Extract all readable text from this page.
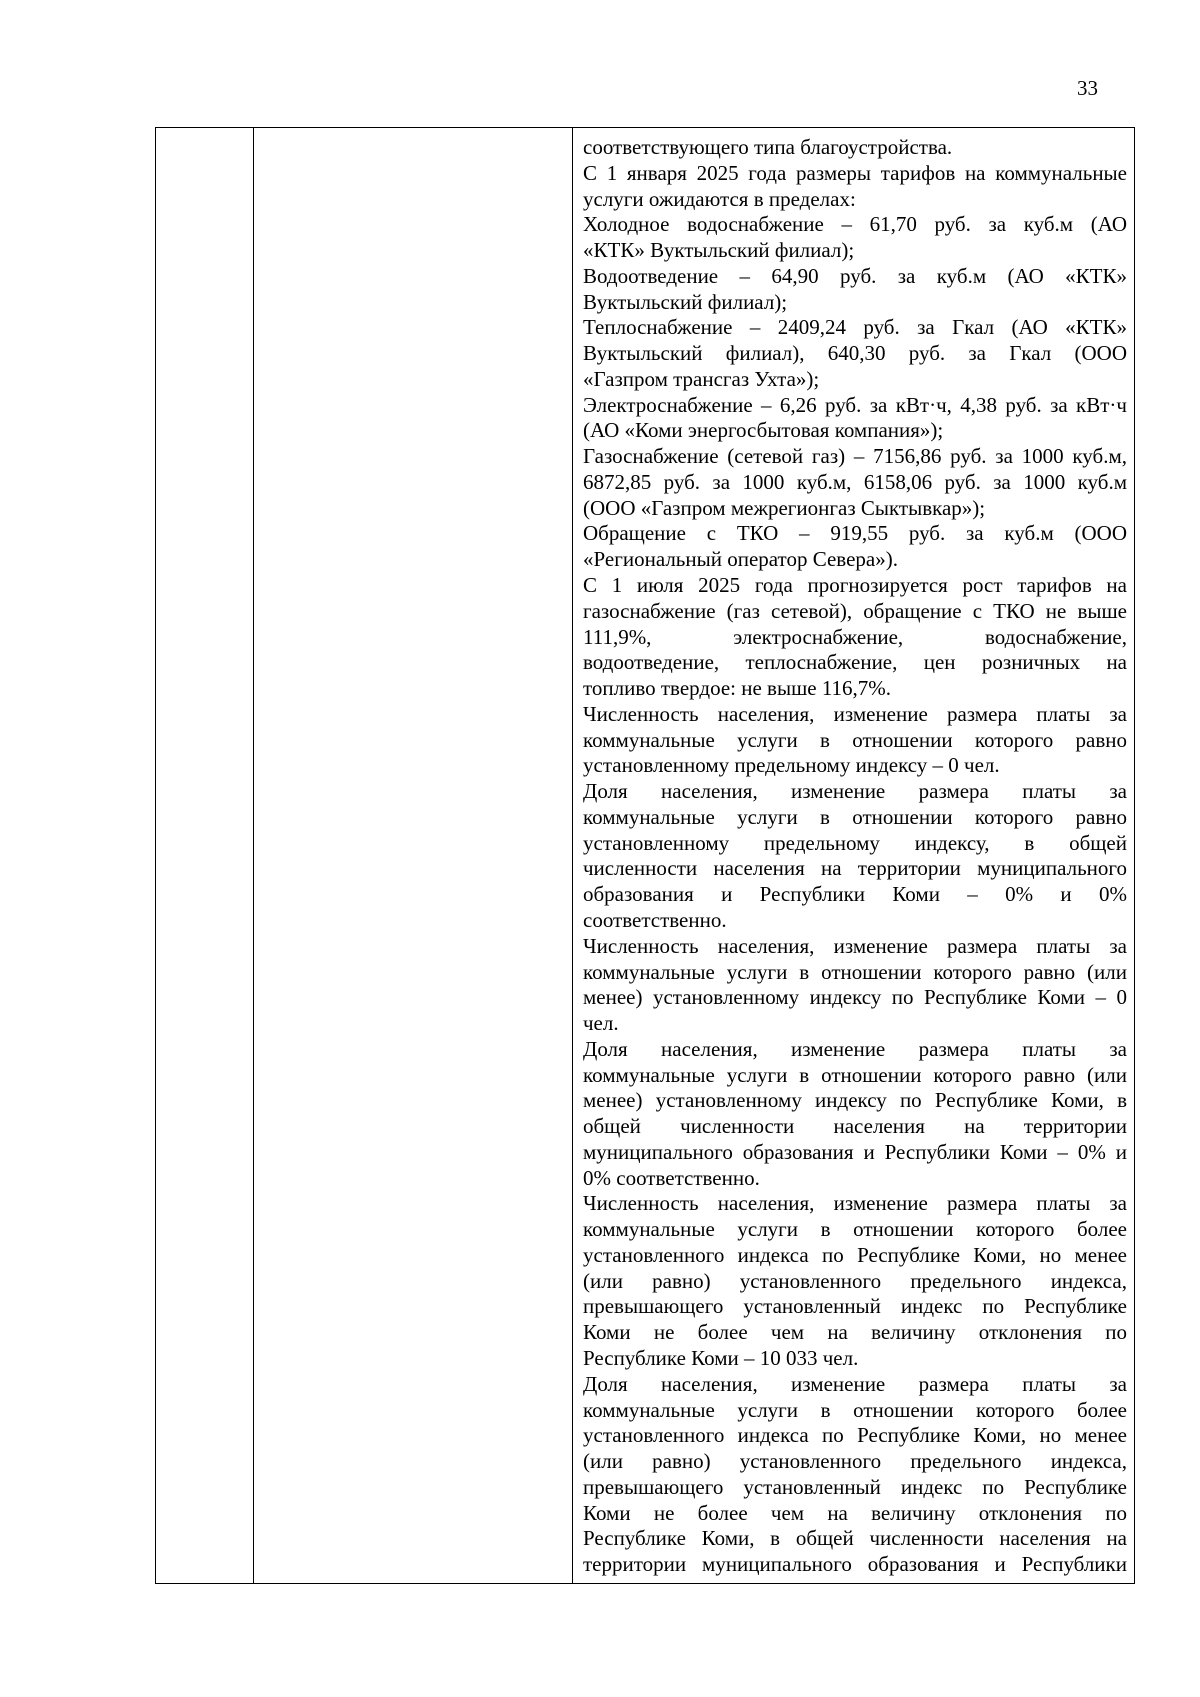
33
соответствующего типа благоустройства.
С 1 января 2025 года размеры тарифов на коммунальные
услуги ожидаются в пределах:
Холодное водоснабжение – 61,70 руб. за куб.м (АО
«КТК» Вуктыльский филиал);
Водоотведение – 64,90 руб. за куб.м (АО «КТК»
Вуктыльский филиал);
Теплоснабжение – 2409,24 руб. за Гкал (АО «КТК»
Вуктыльский филиал), 640,30 руб. за Гкал (ООО
«Газпром трансгаз Ухта»);
Электроснабжение – 6,26 руб. за кВт·ч, 4,38 руб. за кВт·ч
(АО «Коми энергосбытовая компания»);
Газоснабжение (сетевой газ) – 7156,86 руб. за 1000 куб.м,
6872,85 руб. за 1000 куб.м, 6158,06 руб. за 1000 куб.м
(ООО «Газпром межрегионгаз Сыктывкар»);
Обращение с ТКО – 919,55 руб. за куб.м (ООО
«Региональный оператор Севера»).
С 1 июля 2025 года прогнозируется рост тарифов на
газоснабжение (газ сетевой), обращение с ТКО не выше
111,9%, электроснабжение, водоснабжение,
водоотведение, теплоснабжение, цен розничных на
топливо твердое: не выше 116,7%.
Численность населения, изменение размера платы за
коммунальные услуги в отношении которого равно
установленному предельному индексу – 0 чел.
Доля населения, изменение размера платы за
коммунальные услуги в отношении которого равно
установленному предельному индексу, в общей
численности населения на территории муниципального
образования и Республики Коми – 0% и 0%
соответственно.
Численность населения, изменение размера платы за
коммунальные услуги в отношении которого равно (или
менее) установленному индексу по Республике Коми – 0
чел.
Доля населения, изменение размера платы за
коммунальные услуги в отношении которого равно (или
менее) установленному индексу по Республике Коми, в
общей численности населения на территории
муниципального образования и Республики Коми – 0% и
0% соответственно.
Численность населения, изменение размера платы за
коммунальные услуги в отношении которого более
установленного индекса по Республике Коми, но менее
(или равно) установленного предельного индекса,
превышающего установленный индекс по Республике
Коми не более чем на величину отклонения по
Республике Коми – 10 033 чел.
Доля населения, изменение размера платы за
коммунальные услуги в отношении которого более
установленного индекса по Республике Коми, но менее
(или равно) установленного предельного индекса,
превышающего установленный индекс по Республике
Коми не более чем на величину отклонения по
Республике Коми, в общей численности населения на
территории муниципального образования и Республики
